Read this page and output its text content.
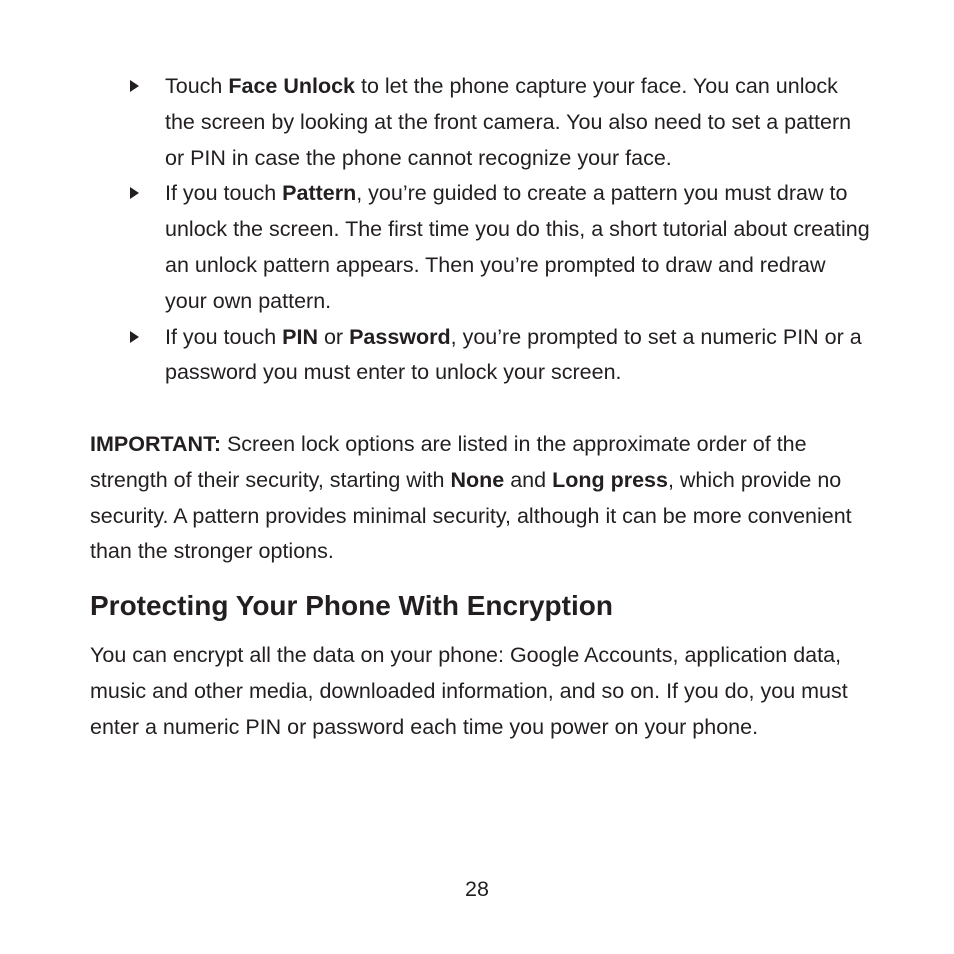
Touch Face Unlock to let the phone capture your face. You can unlock the screen by looking at the front camera. You also need to set a pattern or PIN in case the phone cannot recognize your face.
If you touch Pattern, you’re guided to create a pattern you must draw to unlock the screen. The first time you do this, a short tutorial about creating an unlock pattern appears. Then you’re prompted to draw and redraw your own pattern.
If you touch PIN or Password, you’re prompted to set a numeric PIN or a password you must enter to unlock your screen.
IMPORTANT: Screen lock options are listed in the approximate order of the strength of their security, starting with None and Long press, which provide no security. A pattern provides minimal security, although it can be more convenient than the stronger options.
Protecting Your Phone With Encryption
You can encrypt all the data on your phone: Google Accounts, application data, music and other media, downloaded information, and so on. If you do, you must enter a numeric PIN or password each time you power on your phone.
28
